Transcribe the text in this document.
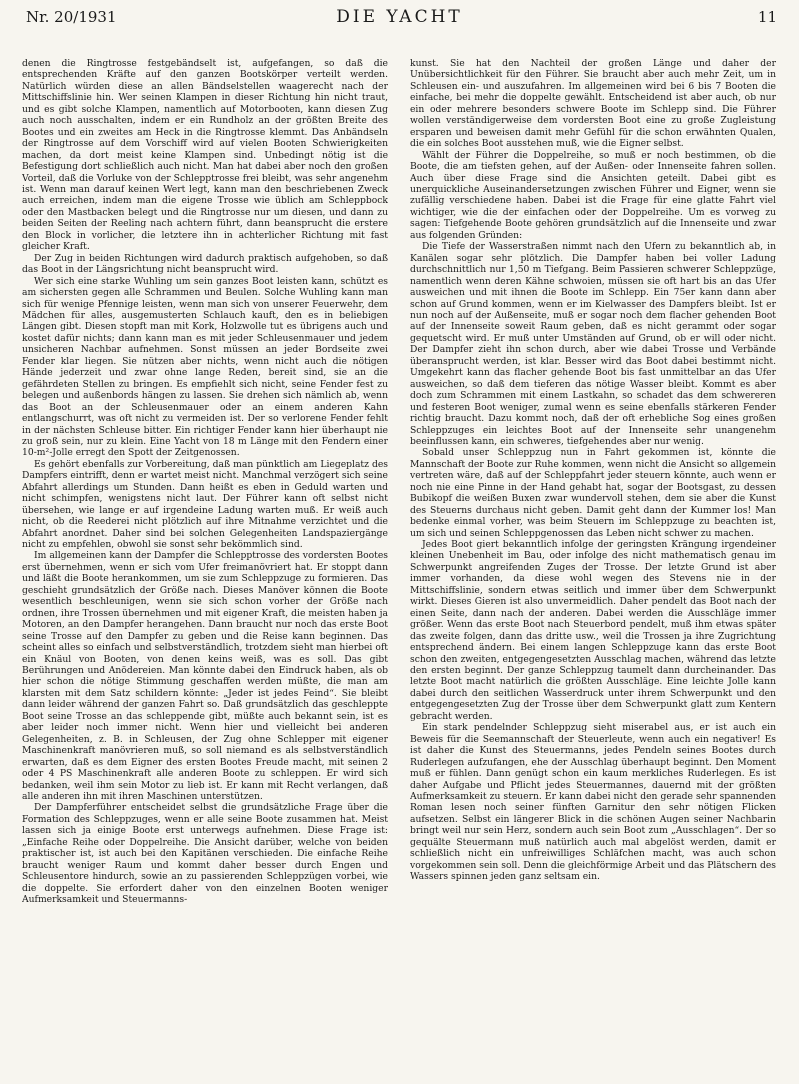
Nr. 20/1931	DIE YACHT	11

denen die Ringtrosse festgebändselt ist, aufgefangen, so daß die entsprechenden Kräfte auf den ganzen Bootskörper verteilt werden. Natürlich würden diese an allen Bändselstellen waagerecht nach der Mittschiffslinie hin. Wer seinen Klampen in dieser Richtung hin nicht traut, und es gibt solche Klampen, namentlich auf Motorbooten, kann diesen Zug auch noch ausschalten, indem er ein Rundholz an der größten Breite des Bootes und ein zweites am Heck in die Ringtrosse klemmt. Das Anbändseln der Ringtrosse auf dem Vorschiff wird auf vielen Booten Schwierigkeiten machen, da dort meist keine Klampen sind. Unbedingt nötig ist die Befestigung dort schließlich auch nicht. Man hat dabei aber noch den großen Vorteil, daß die Vorluke von der Schlepptrosse frei bleibt, was sehr angenehm ist. Wenn man darauf keinen Wert legt, kann man den beschriebenen Zweck auch erreichen, indem man die eigene Trosse wie üblich am Schleppbock oder den Mastbacken belegt und die Ringtrosse nur um diesen, und dann zu beiden Seiten der Reeling nach achtern führt, dann beansprucht die erstere den Block in vorlicher, die letztere ihn in achterlicher Richtung mit fast gleicher Kraft.

Der Zug in beiden Richtungen wird dadurch praktisch aufgehoben, so daß das Boot in der Längsrichtung nicht beansprucht wird.

Wer sich eine starke Wuhling um sein ganzes Boot leisten kann, schützt es am sichersten gegen alle Schrammen und Beulen. Solche Wuhling kann man sich für wenige Pfennige leisten, wenn man sich von unserer Feuerwehr, dem Mädchen für alles, ausgemusterten Schlauch kauft, den es in beliebigen Längen gibt. Diesen stopft man mit Kork, Holzwolle tut es übrigens auch und kostet dafür nichts; dann kann man es mit jeder Schleusenmauer und jedem unsicheren Nachbar aufnehmen. Sonst müssen an jeder Bordseite zwei Fender klar liegen. Sie nützen aber nichts, wenn nicht auch die nötigen Hände jederzeit und zwar ohne lange Reden, bereit sind, sie an die gefährdeten Stellen zu bringen. Es empfiehlt sich nicht, seine Fender fest zu belegen und außenbords hängen zu lassen. Sie drehen sich nämlich ab, wenn das Boot an der Schleusenmauer oder an einem anderen Kahn entlangschurrt, was oft nicht zu vermeiden ist. Der so verlorene Fender fehlt in der nächsten Schleuse bitter. Ein richtiger Fender kann hier überhaupt nie zu groß sein, nur zu klein. Eine Yacht von 18 m Länge mit den Fendern einer 10-m²-Jolle erregt den Spott der Zeitgenossen.

Es gehört ebenfalls zur Vorbereitung, daß man pünktlich am Liegeplatz des Dampfers eintrifft, denn er wartet meist nicht. Manchmal verzögert sich seine Abfahrt allerdings um Stunden. Dann heißt es eben in Geduld warten und nicht schimpfen, wenigstens nicht laut. Der Führer kann oft selbst nicht übersehen, wie lange er auf irgendeine Ladung warten muß. Er weiß auch nicht, ob die Reederei nicht plötzlich auf ihre Mitnahme verzichtet und die Abfahrt anordnet. Daher sind bei solchen Gelegenheiten Landspaziergänge nicht zu empfehlen, obwohl sie sonst sehr bekömmlich sind.

Im allgemeinen kann der Dampfer die Schlepptrosse des vordersten Bootes erst übernehmen, wenn er sich vom Ufer freimanövriert hat. Er stoppt dann und läßt die Boote herankommen, um sie zum Schleppzuge zu formieren. Das geschieht grundsätzlich der Größe nach. Dieses Manöver können die Boote wesentlich beschleunigen, wenn sie sich schon vorher der Größe nach ordnen, ihre Trossen übernehmen und mit eigener Kraft, die meisten haben ja Motoren, an den Dampfer herangehen. Dann braucht nur noch das erste Boot seine Trosse auf den Dampfer zu geben und die Reise kann beginnen. Das scheint alles so einfach und selbstverständlich, trotzdem sieht man hierbei oft ein Knäul von Booten, von denen keins weiß, was es soll. Das gibt Berührungen und Anödereien. Man könnte dabei den Eindruck haben, als ob hier schon die nötige Stimmung geschaffen werden müßte, die man am klarsten mit dem Satz schildern könnte: „Jeder ist jedes Feind“. Sie bleibt dann leider während der ganzen Fahrt so. Daß grundsätzlich das geschleppte Boot seine Trosse an das schleppende gibt, müßte auch bekannt sein, ist es aber leider noch immer nicht. Wenn hier und vielleicht bei anderen Gelegenheiten, z. B. in Schleusen, der Zug ohne Schlepper mit eigener Maschinenkraft manövrieren muß, so soll niemand es als selbstverständlich erwarten, daß es dem Eigner des ersten Bootes Freude macht, mit seinen 2 oder 4 PS Maschinenkraft alle anderen Boote zu schleppen. Er wird sich bedanken, weil ihm sein Motor zu lieb ist. Er kann mit Recht verlangen, daß alle anderen ihn mit ihren Maschinen unterstützen.

Der Dampferführer entscheidet selbst die grundsätzliche Frage über die Formation des Schleppzuges, wenn er alle seine Boote zusammen hat. Meist lassen sich ja einige Boote erst unterwegs aufnehmen. Diese Frage ist: „Einfache Reihe oder Doppelreihe. Die Ansicht darüber, welche von beiden praktischer ist, ist auch bei den Kapitänen verschieden. Die einfache Reihe braucht weniger Raum und kommt daher besser durch Engen und Schleusentore hindurch, sowie an zu passierenden Schleppzügen vorbei, wie die doppelte. Sie erfordert daher von den einzelnen Booten weniger Aufmerksamkeit und Steuermanns-

kunst. Sie hat den Nachteil der großen Länge und daher der Unübersichtlichkeit für den Führer. Sie braucht aber auch mehr Zeit, um in Schleusen ein- und auszufahren. Im allgemeinen wird bei 6 bis 7 Booten die einfache, bei mehr die doppelte gewählt. Entscheidend ist aber auch, ob nur ein oder mehrere besonders schwere Boote im Schlepp sind. Die Führer wollen verständigerweise dem vordersten Boot eine zu große Zugleistung ersparen und beweisen damit mehr Gefühl für die schon erwähnten Qualen, die ein solches Boot ausstehen muß, wie die Eigner selbst.

Wählt der Führer die Doppelreihe, so muß er noch bestimmen, ob die Boote, die am tiefsten gehen, auf der Außen- oder Innenseite fahren sollen. Auch über diese Frage sind die Ansichten geteilt. Dabei gibt es unerquickliche Auseinandersetzungen zwischen Führer und Eigner, wenn sie zufällig verschiedene haben. Dabei ist die Frage für eine glatte Fahrt viel wichtiger, wie die der einfachen oder der Doppelreihe. Um es vorweg zu sagen: Tiefgehende Boote gehören grundsätzlich auf die Innenseite und zwar aus folgenden Gründen:

Die Tiefe der Wasserstraßen nimmt nach den Ufern zu bekanntlich ab, in Kanälen sogar sehr plötzlich. Die Dampfer haben bei voller Ladung durchschnittlich nur 1,50 m Tiefgang. Beim Passieren schwerer Schleppzüge, namentlich wenn deren Kähne schwoien, müssen sie oft hart bis an das Ufer ausweichen und mit ihnen die Boote im Schlepp. Ein 75er kann dann aber schon auf Grund kommen, wenn er im Kielwasser des Dampfers bleibt. Ist er nun noch auf der Außenseite, muß er sogar noch dem flacher gehenden Boot auf der Innenseite soweit Raum geben, daß es nicht gerammt oder sogar gequetscht wird. Er muß unter Umständen auf Grund, ob er will oder nicht. Der Dampfer zieht ihn schon durch, aber wie dabei Trosse und Verbände überansprucht werden, ist klar. Besser wird das Boot dabei bestimmt nicht. Umgekehrt kann das flacher gehende Boot bis fast unmittelbar an das Ufer ausweichen, so daß dem tieferen das nötige Wasser bleibt. Kommt es aber doch zum Schrammen mit einem Lastkahn, so schadet das dem schwereren und festeren Boot weniger, zumal wenn es seine ebenfalls stärkeren Fender richtig braucht. Dazu kommt noch, daß der oft erhebliche Sog eines großen Schleppzuges ein leichtes Boot auf der Innenseite sehr unangenehm beeinflussen kann, ein schweres, tiefgehendes aber nur wenig.

Sobald unser Schleppzug nun in Fahrt gekommen ist, könnte die Mannschaft der Boote zur Ruhe kommen, wenn nicht die Ansicht so allgemein vertreten wäre, daß auf der Schleppfahrt jeder steuern könnte, auch wenn er noch nie eine Pinne in der Hand gehabt hat, sogar der Bootsgast, zu dessen Bubikopf die weißen Buxen zwar wundervoll stehen, dem sie aber die Kunst des Steuerns durchaus nicht geben. Damit geht dann der Kummer los! Man bedenke einmal vorher, was beim Steuern im Schleppzuge zu beachten ist, um sich und seinen Schleppgenossen das Leben nicht schwer zu machen.

Jedes Boot giert bekanntlich infolge der geringsten Krängung irgendeiner kleinen Unebenheit im Bau, oder infolge des nicht mathematisch genau im Schwerpunkt angreifenden Zuges der Trosse. Der letzte Grund ist aber immer vorhanden, da diese wohl wegen des Stevens nie in der Mittschiffslinie, sondern etwas seitlich und immer über dem Schwerpunkt wirkt. Dieses Gieren ist also unvermeidlich. Daher pendelt das Boot nach der einen Seite, dann nach der anderen. Dabei werden die Ausschläge immer größer. Wenn das erste Boot nach Steuerbord pendelt, muß ihm etwas später das zweite folgen, dann das dritte usw., weil die Trossen ja ihre Zugrichtung entsprechend ändern. Bei einem langen Schleppzuge kann das erste Boot schon den zweiten, entgegengesetzten Ausschlag machen, während das letzte den ersten beginnt. Der ganze Schleppzug taumelt dann durcheinander. Das letzte Boot macht natürlich die größten Ausschläge. Eine leichte Jolle kann dabei durch den seitlichen Wasserdruck unter ihrem Schwerpunkt und den entgegengesetzten Zug der Trosse über dem Schwerpunkt glatt zum Kentern gebracht werden.

Ein stark pendelnder Schleppzug sieht miserabel aus, er ist auch ein Beweis für die Seemannschaft der Steuerleute, wenn auch ein negativer! Es ist daher die Kunst des Steuermanns, jedes Pendeln seines Bootes durch Ruderlegen aufzufangen, ehe der Ausschlag überhaupt beginnt. Den Moment muß er fühlen. Dann genügt schon ein kaum merkliches Ruderlegen. Es ist daher Aufgabe und Pflicht jedes Steuermannes, dauernd mit der größten Aufmerksamkeit zu steuern. Er kann dabei nicht den gerade sehr spannenden Roman lesen noch seiner fünften Garnitur den sehr nötigen Flicken aufsetzen. Selbst ein längerer Blick in die schönen Augen seiner Nachbarin bringt weil nur sein Herz, sondern auch sein Boot zum „Ausschlagen“. Der so gequälte Steuermann muß natürlich auch mal abgelöst werden, damit er schließlich nicht ein unfreiwilliges Schläfchen macht, was auch schon vorgekommen sein soll. Denn die gleichförmige Arbeit und das Plätschern des Wassers spinnen jeden ganz seltsam ein.
